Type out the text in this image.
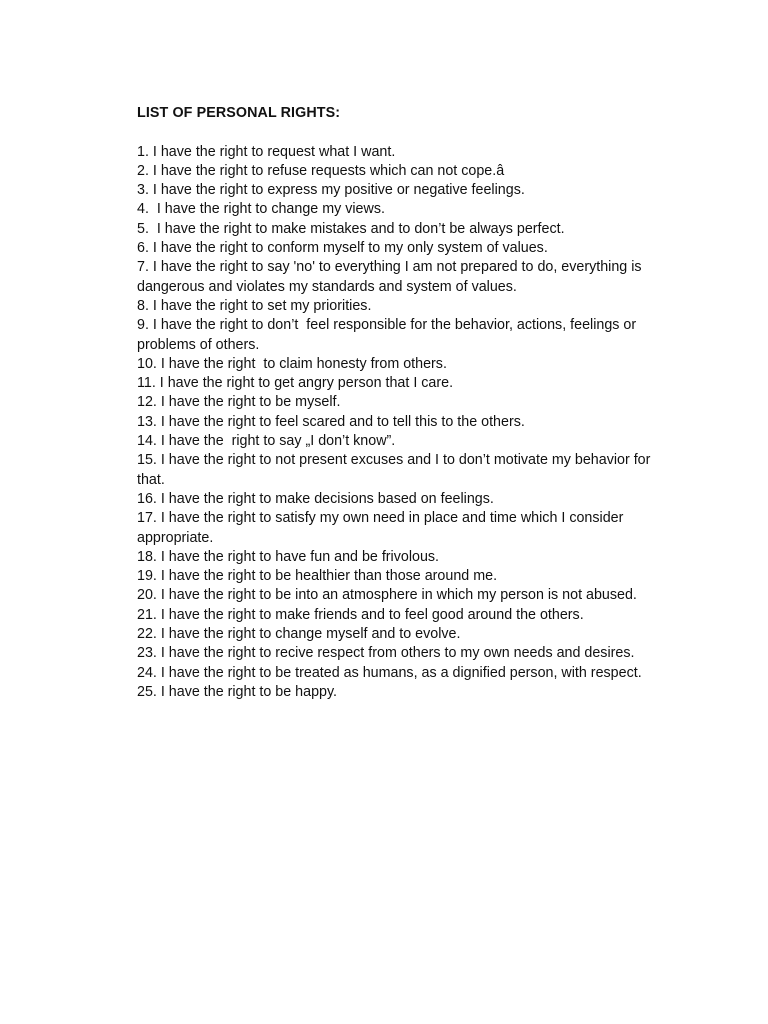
LIST OF PERSONAL RIGHTS:

1. I have the right to request what I want.
2. I have the right to refuse requests which can not cope.â
3. I have the right to express my positive or negative feelings.
4.  I have the right to change my views.
5.  I have the right to make mistakes and to don’t be always perfect.
6. I have the right to conform myself to my only system of values.
7. I have the right to say 'no' to everything I am not prepared to do, everything is dangerous and violates my standards and system of values.
8. I have the right to set my priorities.
9. I have the right to don’t  feel responsible for the behavior, actions, feelings or problems of others.
10. I have the right  to claim honesty from others.
11. I have the right to get angry person that I care.
12. I have the right to be myself.
13. I have the right to feel scared and to tell this to the others.
14. I have the  right to say „I don’t know”.
15. I have the right to not present excuses and I to don’t motivate my behavior for that.
16. I have the right to make decisions based on feelings.
17. I have the right to satisfy my own need in place and time which I consider appropriate.
18. I have the right to have fun and be frivolous.
19. I have the right to be healthier than those around me.
20. I have the right to be into an atmosphere in which my person is not abused.
21. I have the right to make friends and to feel good around the others.
22. I have the right to change myself and to evolve.
23. I have the right to recive respect from others to my own needs and desires.
24. I have the right to be treated as humans, as a dignified person, with respect.
25. I have the right to be happy.
